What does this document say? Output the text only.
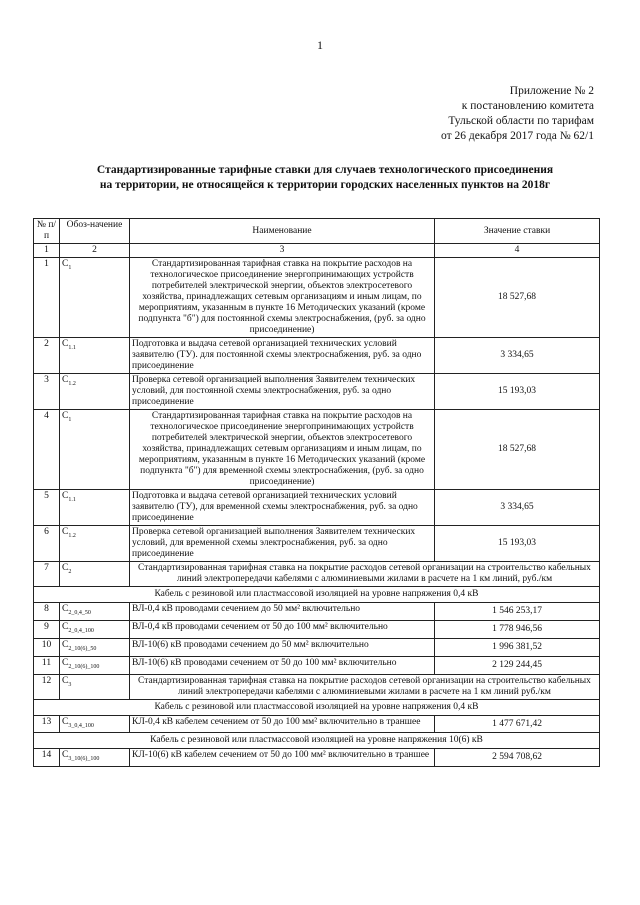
1
Приложение № 2
к постановлению комитета
Тульской области по тарифам
от 26 декабря 2017 года № 62/1
Стандартизированные тарифные ставки для случаев технологического присоединения на территории, не относящейся к территории городских населенных пунктов на 2018г
№ п/п	Обоз-начение	Наименование	Значение ставки
1	2	3	4
1	$C_1$	Стандартизированная тарифная ставка на покрытие расходов на технологическое присоединение энергопринимающих устройств потребителей электрической энергии, объектов электросетевого хозяйства, принадлежащих сетевым организациям и иным лицам, по мероприятиям, указанным в пункте 16 Методических указаний (кроме подпункта "б") для постоянной схемы электроснабжения, (руб. за одно присоединение)	18 527,68
2	$C_{1.1}$	Подготовка и выдача сетевой организацией технических условий заявителю (ТУ). для постоянной схемы электроснабжения, руб. за одно присоединение	3 334,65
3	$C_{1.2}$	Проверка сетевой организацией выполнения Заявителем технических условий, для постоянной схемы электроснабжения, руб. за одно присоединение	15 193,03
4	$C_1$	Стандартизированная тарифная ставка на покрытие расходов на технологическое присоединение энергопринимающих устройств потребителей электрической энергии, объектов электросетевого хозяйства, принадлежащих сетевым организациям и иным лицам, по мероприятиям, указанным в пункте 16 Методических указаний (кроме подпункта "б") для временной схемы электроснабжения, (руб. за одно присоединение)	18 527,68
5	$C_{1.1}$	Подготовка и выдача сетевой организацией технических условий заявителю (ТУ), для временной схемы электроснабжения, руб. за одно присоединение	3 334,65
6	$C_{1.2}$	Проверка сетевой организацией выполнения Заявителем технических условий, для временной схемы электроснабжения, руб. за одно присоединение	15 193,03
7	$C_2$	Стандартизированная тарифная ставка на покрытие расходов сетевой организации на строительство кабельных линий электропередачи кабелями с алюминиевыми жилами в расчете на 1 км линий, руб./км	
Кабель с резиновой или пластмассовой изоляцией на уровне напряжения 0,4 кВ			
8	$C_{2\_0,4\_50}$	ВЛ-0,4 кВ проводами сечением до 50 мм² включительно	1 546 253,17
9	$C_{2\_0,4\_100}$	ВЛ-0,4 кВ проводами сечением от 50 до 100 мм² включительно	1 778 946,56
10	$C_{2\_10(6)\_50}$	ВЛ-10(6) кВ проводами сечением до 50 мм² включительно	1 996 381,52
11	$C_{2\_10(6)\_100}$	ВЛ-10(6) кВ проводами сечением от 50 до 100 мм² включительно	2 129 244,45
12	$C_3$	Стандартизированная тарифная ставка на покрытие расходов сетевой организации на строительство кабельных линий электропередачи кабелями с алюминиевыми жилами в расчете на 1 км линий руб./км	
Кабель с резиновой или пластмассовой изоляцией на уровне напряжения 0,4 кВ			
13	$C_{3\_0,4\_100}$	КЛ-0,4 кВ кабелем сечением от 50 до 100 мм² включительно в траншее	1 477 671,42
Кабель с резиновой или пластмассовой изоляцией на уровне напряжения 10(6) кВ			
14	$C_{3\_10(6)\_100}$	КЛ-10(6) кВ кабелем сечением от 50 до 100 мм² включительно в траншее	2 594 708,62
